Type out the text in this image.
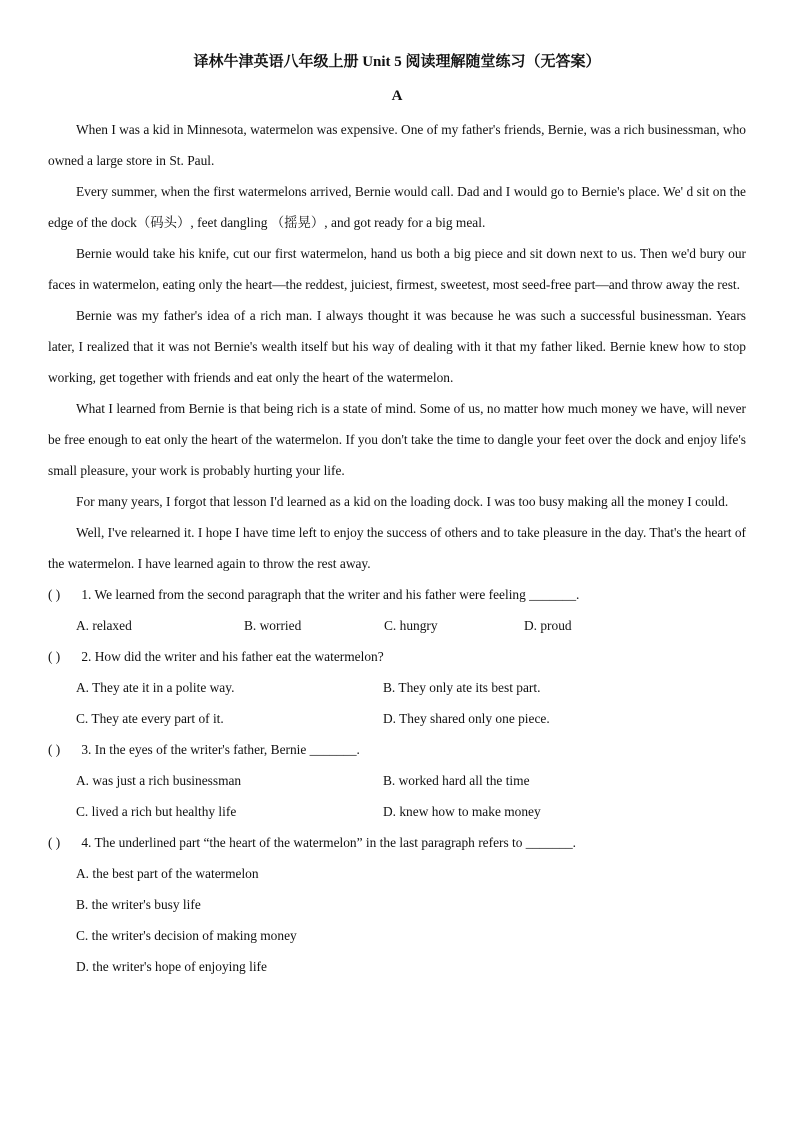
译林牛津英语八年级上册 Unit 5 阅读理解随堂练习（无答案）
A

When I was a kid in Minnesota, watermelon was expensive. One of my father's friends, Bernie, was a rich businessman, who owned a large store in St. Paul.

Every summer, when the first watermelons arrived, Bernie would call. Dad and I would go to Bernie's place. We' d sit on the edge of the dock（码头）, feet dangling （摇晃）, and got ready for a big meal.

Bernie would take his knife, cut our first watermelon, hand us both a big piece and sit down next to us. Then we'd bury our faces in watermelon, eating only the heart—the reddest, juiciest, firmest, sweetest, most seed-free part—and throw away the rest.

Bernie was my father's idea of a rich man. I always thought it was because he was such a successful businessman. Years later, I realized that it was not Bernie's wealth itself but his way of dealing with it that my father liked. Bernie knew how to stop working, get together with friends and eat only the heart of the watermelon.

What I learned from Bernie is that being rich is a state of mind. Some of us, no matter how much money we have, will never be free enough to eat only the heart of the watermelon. If you don't take the time to dangle your feet over the dock and enjoy life's small pleasure, your work is probably hurting your life.

For many years, I forgot that lesson I'd learned as a kid on the loading dock. I was too busy making all the money I could.

Well, I've relearned it. I hope I have time left to enjoy the success of others and to take pleasure in the day. That's the heart of the watermelon. I have learned again to throw the rest away.

( ) 1. We learned from the second paragraph that the writer and his father were feeling _______.
A. relaxed	B. worried	C. hungry	D. proud
( ) 2. How did the writer and his father eat the watermelon?
A. They ate it in a polite way.	B. They only ate its best part.
C. They ate every part of it.	D. They shared only one piece.
( ) 3. In the eyes of the writer's father, Bernie _______.
A. was just a rich businessman	B. worked hard all the time
C. lived a rich but healthy life	D. knew how to make money
( ) 4. The underlined part “the heart of the watermelon” in the last paragraph refers to _______.
A. the best part of the watermelon
B. the writer's busy life
C. the writer's decision of making money
D. the writer's hope of enjoying life
